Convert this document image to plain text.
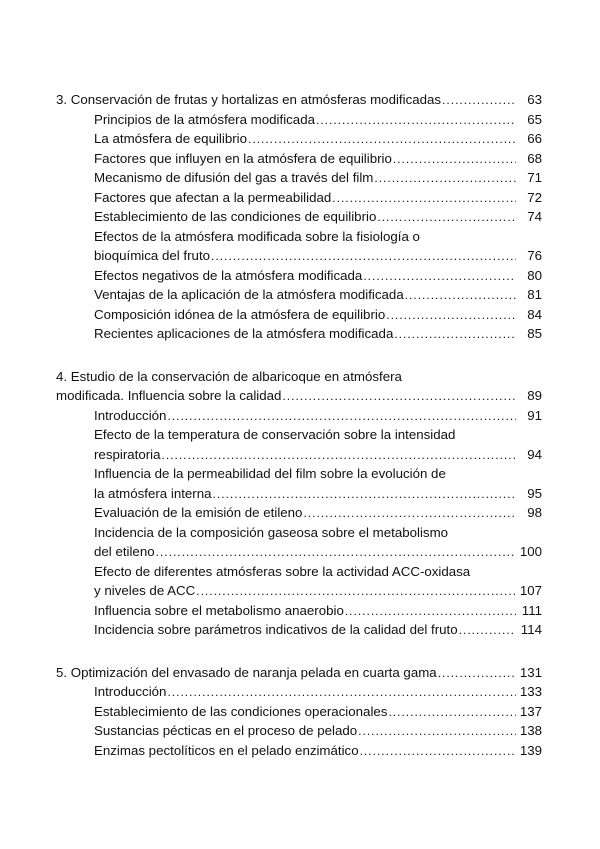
3. Conservación de frutas y hortalizas en atmósferas modificadas .....	63
Principios de la atmósfera modificada .....	65
La atmósfera de equilibrio .....	66
Factores que influyen en la atmósfera de equilibrio .....	68
Mecanismo de difusión del gas a través del film .....	71
Factores que afectan a la permeabilidad .....	72
Establecimiento de las condiciones de equilibrio .....	74
Efectos de la atmósfera modificada sobre la fisiología o
bioquímica del fruto .....	76
Efectos negativos de la atmósfera modificada .....	80
Ventajas de la aplicación de la atmósfera modificada .....	81
Composición idónea de la atmósfera de equilibrio .....	84
Recientes aplicaciones de la atmósfera modificada .....	85
4. Estudio de la conservación de albaricoque en atmósfera
modificada. Influencia sobre la calidad .....	89
Introducción .....	91
Efecto de la temperatura de conservación sobre la intensidad
respiratoria .....	94
Influencia de la permeabilidad del film sobre la evolución de
la atmósfera interna .....	95
Evaluación de la emisión de etileno .....	98
Incidencia de la composición gaseosa sobre el metabolismo
del etileno .....	100
Efecto de diferentes atmósferas sobre la actividad ACC-oxidasa
y niveles de ACC .....	107
Influencia sobre el metabolismo anaerobio .....	111
Incidencia sobre parámetros indicativos de la calidad del fruto .....	114
5. Optimización del envasado de naranja pelada en cuarta gama .....	131
Introducción .....	133
Establecimiento de las condiciones operacionales .....	137
Sustancias pécticas en el proceso de pelado .....	138
Enzimas pectolíticos en el pelado enzimático .....	139
